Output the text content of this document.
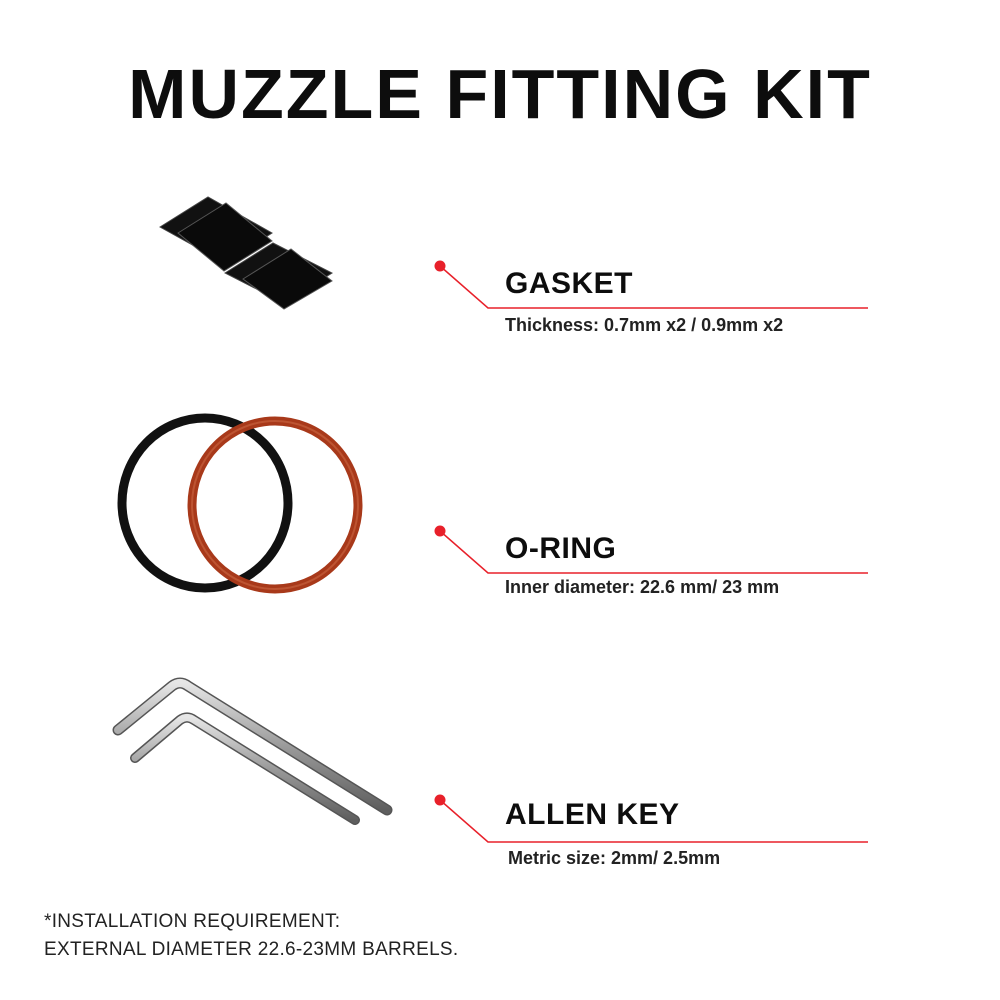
MUZZLE FITTING KIT
GASKET

Thickness: 0.7mm x2 / 0.9mm x2

O-RING

Inner diameter: 22.6 mm/ 23 mm

ALLEN KEY

Metric size: 2mm/ 2.5mm

*INSTALLATION REQUIREMENT:
EXTERNAL DIAMETER 22.6-23MM BARRELS.
